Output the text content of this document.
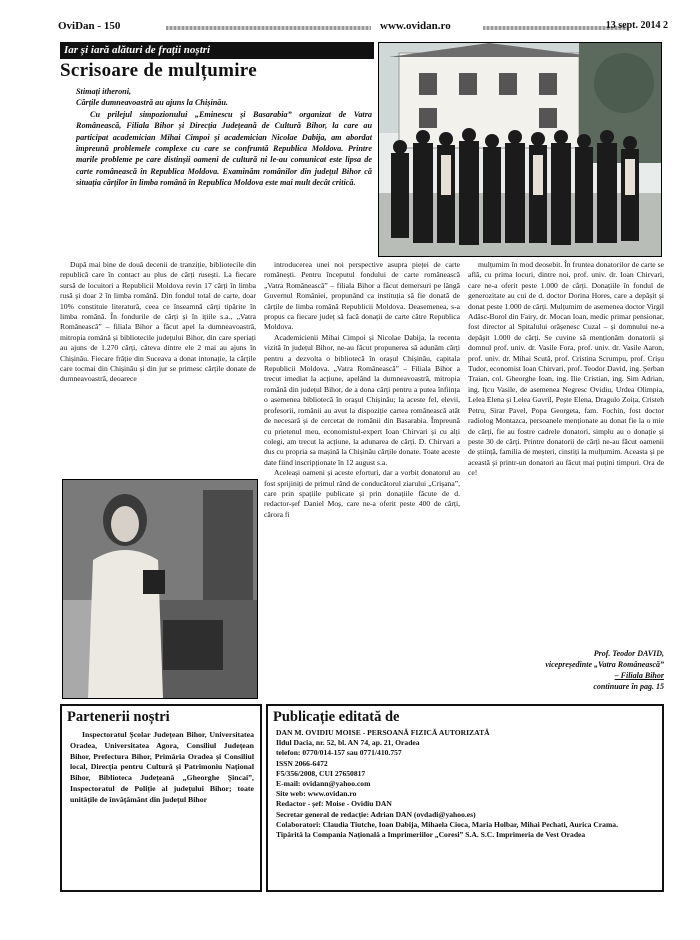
OviDan - 150	www.ovidan.ro	13 sept. 2014 2
Iar și iară alături de frații noștri
Scrisoare de mulțumire

Stimați itheroni,

Cărțile dumneavoastră au ajuns la Chișinău.

Cu prilejul simpozionului „Eminescu și Basarabia” organizat de Vatra Românească, Filiala Bihor și Direcția Județeană de Cultură Bihor, la care au participat academician Mihai Cimpoi și academician Nicolae Dabija, am abordat împreună problemele complexe cu care se confruntă Republica Moldova. Printre marile probleme pe care distinșii oameni de cultură ni le-au comunicat este lipsa de carte românească în Republica Moldova. Examinăm românilor din județul Bihor că situația cărților în limba română în Republica Moldova este mai mult decât critică.

După mai bine de două decenii de tranziție, bibliotecile din republică care în contact au plus de cărți rusești. La fiecare sursă de locuitori a Republicii Moldova revin 17 cărți în limba rusă și doar 2 în limba română. Din fondul total de carte, doar 10% constituie literatură, ceea ce înseamnă cărți tipărite în limba română. În fondurile de cărți și în ițiile s.a., „Vatra Românească” – filiala Bihor a făcut apel la dumneavoastră, mitropia română și bibliotecile județului Bihor, din care speriați au ajuns de 1.270 cărți, câteva dintre ele 2 mai au ajuns în Chișinău. Fiecare frăție din Suceava a donat intonație, la cărțile care tocmai din Chișinău și din jur se primesc cărțile donate de dumneavoastră, deoarece

introducerea unei noi perspective asupra pieței de carte românești. Pentru începutul fondului de carte românească „Vatra Românească” – filiala Bihor a făcut demersuri pe lângă Guvernul României, propunând ca instituția să fie donată de cărțile de limba română Republicii Moldova. Deasemenea, s-a propus ca fiecare județ să facă donații de carte către Republica Moldova.

Academicienii Mihai Cimpoi și Nicolae Dabija, la recenta vizită în județul Bihor, ne-au făcut propunerea să adunăm cărți pentru a dezvolta o bibliotecă în orașul Chișinău, capitala Republicii Moldova. „Vatra Românească” – Filiala Bihor a trecut imediat la acțiune, apelând la dumneavoastră, mitropia română din județul Bihor, de a dona cărți pentru a putea înființa o asemenea bibliotecă în orașul Chișinău; la aceste fel, elevii, profesorii, românii au avut la dispoziție cartea românească atât de necesară și de cercetat de românii din Basarabia. Împreună cu prietenul meu, economistul-expert Ioan Chirvari și cu alți colegi, am trecut la acțiune, la adunarea de cărți. D. Chirvari a dus cu propria sa mașină la Chișinău cărțile donate. Toate aceste date fiind inscripționate în 12 august s.a.

Aceleași oameni și aceste eforturi, dar a vorbit donatorul au fost sprijiniți de primul rând de conducătorul ziarului „Crișana”, care prin spațiile publicate și prin donațiile făcute de d. redactor-șef Daniel Moș, care ne-a oferit peste 400 de cărți, cărora fi

mulțumim în mod deosebit. În fruntea donatorilor de carte se află, cu prima locuri, dintre noi, prof. univ. dr. Ioan Chirvari, care ne-a oferit peste 1.000 de cărți. Donațiile în fondul de generozitate au cui de d. doctor Dorina Hores, care a depășit și donat peste 1.000 de cărți. Mulțumim de asemenea doctor Virgil Adăsc-Borol din Fairy, dr. Mocan Ioan, medic primar pensionar, fost director al Spitalului orășenesc Cuzal – și domnului ne-a depășit 1.000 de cărți. Se cuvine să menționăm donatorii și domnul prof. univ. dr. Vasile Fora, prof. univ. dr. Vasile Aaron, prof. univ. dr. Mihai Scută, prof. Cristina Scrumpu, prof. Crișu Tudor, economist Ioan Chirvari, prof. Teodor David, ing. Șerban Traian, col. Gheorghe Ioan, ing. Ilie Cristian, ing. Sim Adrian, ing. Ițcu Vasile, de asemenea Negresc Ovidiu, Urdea Olimpia, Lelea Elena și Lelea Gavril, Pește Elena, Dragulo Zoița, Cristeh Petru, Sirar Pavel, Popa Georgeta, fam. Fochin, fost doctor radiolog Montazca, persoanele menționate au donat fie la o mie de cărți, fie au fostre cadrele donatori, simplu au o donație și peste 30 de cărți. Printre donatorii de cărți ne-au făcut oamenii de știință, familia de meșteri, cinstiți la mulțumim. Aceasta și pe această și printr-un donatori au făcut mai puțini timpuri. Ora de ce!

Prof. Teodor DAVID,
vicepreședinte „Vatra Românească”
– Filiala Bihor
continuare în pag. 15
Partenerii noștri
Inspectoratul Școlar Județean Bihor, Universitatea Oradea, Universitatea Agora, Consiliul Județean Bihor, Prefectura Bihor, Primăria Oradea și Consiliul local, Direcția pentru Cultură și Patrimoniu Național Bihor, Biblioteca Județeană „Gheorghe Șincai”, Inspectoratul de Poliție al județului Bihor; toate unitățile de învățământ din județul Bihor
Publicație editată de
DAN M. OVIDIU MOISE - PERSOANĂ FIZICĂ AUTORIZATĂ
Ildul Dacia, nr. 52, bl. AN 74, ap. 21, Oradea
telefon: 0770/014-157 sau 0771/410.757
ISSN 2066-6472
F5/356/2008, CUI 27650817
E-mail: ovidann@yahoo.com
Site web: www.ovidan.ro
Redactor - șef: Moise - Ovidiu DAN
Secretar general de redacție: Adrian DAN (ovdadi@yahoo.es)
Colaboratori: Claudia Tiutche, Ioan Dabija, Mihaela Cioca, Maria Holbar, Mihai Pechati, Aurica Crama.
Tipărită la Compania Națională a Imprimeriilor „Coresi” S.A. S.C. Imprimeria de Vest Oradea
